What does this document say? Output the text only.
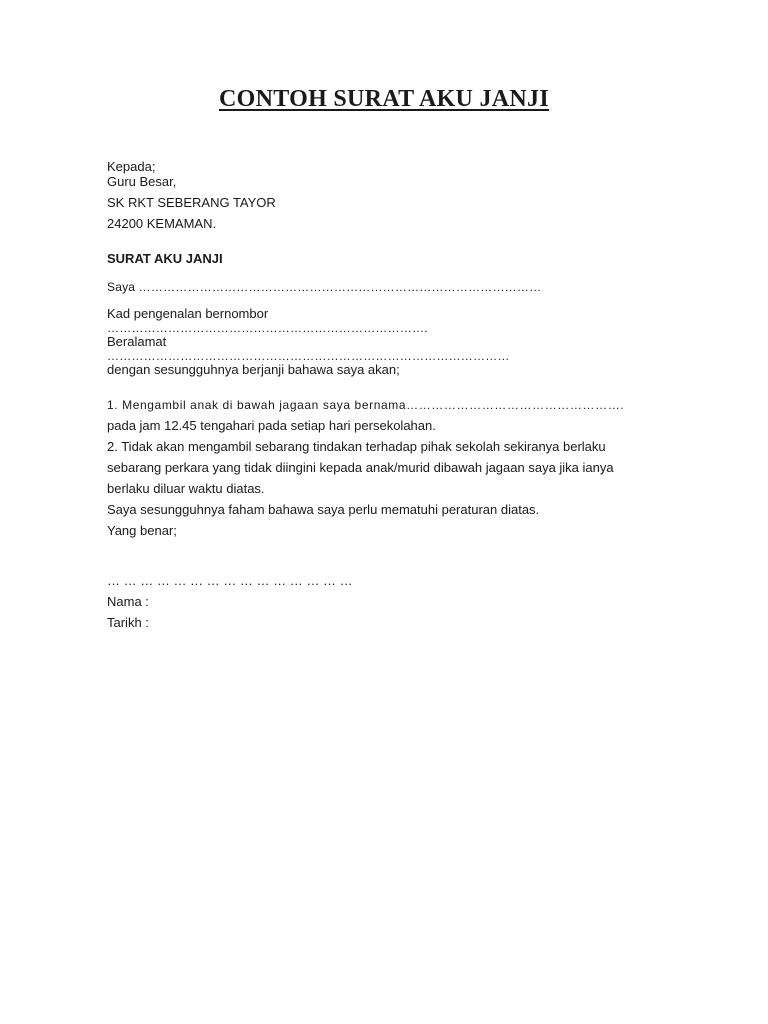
CONTOH SURAT AKU JANJI
Kepada;
Guru Besar,
SK RKT SEBERANG TAYOR
24200 KEMAMAN.
SURAT AKU JANJI
Saya ………………………………………………………………………………………
Kad pengenalan bernombor
…………………………………………………………………….
Beralamat
………………………………………………………………………………………
dengan sesungguhnya berjanji bahawa saya akan;
1. Mengambil anak di bawah jagaan saya bernama…………………………………………….
pada jam 12.45 tengahari pada setiap hari persekolahan.
2. Tidak akan mengambil sebarang tindakan terhadap pihak sekolah sekiranya berlaku
sebarang perkara yang tidak diingini kepada anak/murid dibawah jagaan saya jika ianya
berlaku diluar waktu diatas.
Saya sesungguhnya faham bahawa saya perlu mematuhi peraturan diatas.
Yang benar;
… … … … … … … … … … … … … … …
Nama :
Tarikh :
